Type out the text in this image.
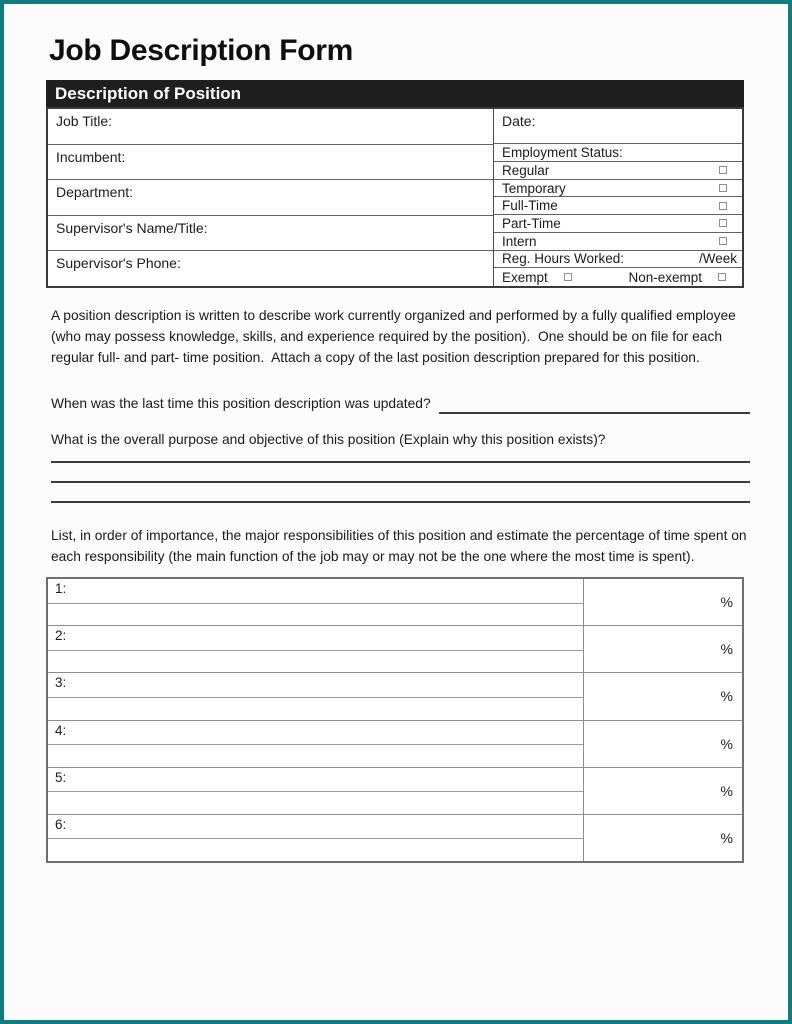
Job Description Form
Description of Position
Job Title:
Incumbent:
Department:
Supervisor's Name/Title:
Supervisor's Phone:
Date:
Employment Status:
Regular
Temporary
Full-Time
Part-Time
Intern
Reg. Hours Worked:	/Week
Exempt	Non-exempt
A position description is written to describe work currently organized and performed by a fully qualified employee (who may possess knowledge, skills, and experience required by the position).  One should be on file for each regular full- and part- time position.  Attach a copy of the last position description prepared for this position.
When was the last time this position description was updated?
What is the overall purpose and objective of this position (Explain why this position exists)?
List, in order of importance, the major responsibilities of this position and estimate the percentage of time spent on each responsibility (the main function of the job may or may not be the one where the most time is spent).
1:
%
2:
%
3:
%
4:
%
5:
%
6:
%
